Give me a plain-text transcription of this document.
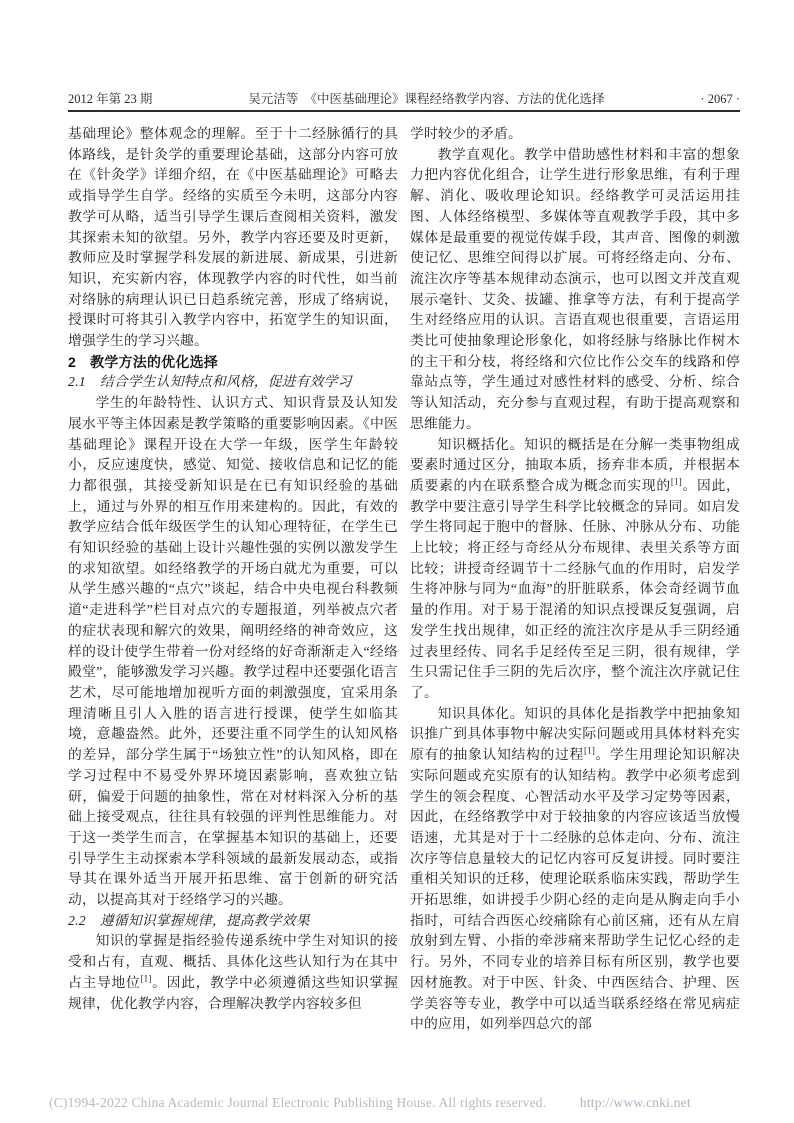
2012 年第 23 期	吴元洁等　《中医基础理论》课程经络教学内容、方法的优化选择	· 2067 ·

基础理论》整体观念的理解。至于十二经脉循行的具体路线，是针灸学的重要理论基础，这部分内容可放在《针灸学》详细介绍，在《中医基础理论》可略去或指导学生自学。经络的实质至今未明，这部分内容教学可从略，适当引导学生课后查阅相关资料，激发其探索未知的欲望。另外，教学内容还要及时更新，教师应及时掌握学科发展的新进展、新成果，引进新知识，充实新内容，体现教学内容的时代性，如当前对络脉的病理认识已日趋系统完善，形成了络病说，授课时可将其引入教学内容中，拓宽学生的知识面，增强学生的学习兴趣。

2　教学方法的优化选择
2.1　结合学生认知特点和风格，促进有效学习

学生的年龄特性、认识方式、知识背景及认知发展水平等主体因素是教学策略的重要影响因素。《中医基础理论》课程开设在大学一年级，医学生年龄较小，反应速度快，感觉、知觉、接收信息和记忆的能力都很强，其接受新知识是在已有知识经验的基础上，通过与外界的相互作用来建构的。因此，有效的教学应结合低年级医学生的认知心理特征，在学生已有知识经验的基础上设计兴趣性强的实例以激发学生的求知欲望。如经络教学的开场白就尤为重要，可以从学生感兴趣的“点穴”谈起，结合中央电视台科教频道“走进科学”栏目对点穴的专题报道，列举被点穴者的症状表现和解穴的效果，阐明经络的神奇效应，这样的设计使学生带着一份对经络的好奇渐渐走入“经络殿堂”，能够激发学习兴趣。教学过程中还要强化语言艺术，尽可能地增加视听方面的刺激强度，宜采用条理清晰且引人入胜的语言进行授课，使学生如临其境，意趣盎然。此外，还要注重不同学生的认知风格的差异，部分学生属于“场独立性”的认知风格，即在学习过程中不易受外界环境因素影响，喜欢独立钻研，偏爱于问题的抽象性，常在对材料深入分析的基础上接受观点，往往具有较强的评判性思维能力。对于这一类学生而言，在掌握基本知识的基础上，还要引导学生主动探索本学科领域的最新发展动态，或指导其在课外适当开展开拓思维、富于创新的研究活动，以提高其对于经络学习的兴趣。

2.2　遵循知识掌握规律，提高教学效果

知识的掌握是指经验传递系统中学生对知识的接受和占有，直观、概括、具体化这些认知行为在其中占主导地位[1]。因此，教学中必须遵循这些知识掌握规律，优化教学内容，合理解决教学内容较多但

学时较少的矛盾。

教学直观化。教学中借助感性材料和丰富的想象力把内容优化组合，让学生进行形象思维，有利于理解、消化、吸收理论知识。经络教学可灵活运用挂图、人体经络模型、多媒体等直观教学手段，其中多媒体是最重要的视觉传媒手段，其声音、图像的刺激使记忆、思维空间得以扩展。可将经络走向、分布、流注次序等基本规律动态演示，也可以图文并茂直观展示毫针、艾灸、拔罐、推拿等方法，有利于提高学生对经络应用的认识。言语直观也很重要，言语运用类比可使抽象理论形象化，如将经脉与络脉比作树木的主干和分枝，将经络和穴位比作公交车的线路和停靠站点等，学生通过对感性材料的感受、分析、综合等认知活动，充分参与直观过程，有助于提高观察和思维能力。

知识概括化。知识的概括是在分解一类事物组成要素时通过区分，抽取本质，扬弃非本质，并根据本质要素的内在联系整合成为概念而实现的[1]。因此，教学中要注意引导学生科学比较概念的异同。如启发学生将同起于胞中的督脉、任脉、冲脉从分布、功能上比较；将正经与奇经从分布规律、表里关系等方面比较；讲授奇经调节十二经脉气血的作用时，启发学生将冲脉与同为“血海”的肝脏联系，体会奇经调节血量的作用。对于易于混淆的知识点授课反复强调，启发学生找出规律，如正经的流注次序是从手三阴经通过表里经传、同名手足经传至足三阴，很有规律，学生只需记住手三阴的先后次序，整个流注次序就记住了。

知识具体化。知识的具体化是指教学中把抽象知识推广到具体事物中解决实际问题或用具体材料充实原有的抽象认知结构的过程[1]。学生用理论知识解决实际问题或充实原有的认知结构。教学中必须考虑到学生的领会程度、心智活动水平及学习定势等因素，因此，在经络教学中对于较抽象的内容应该适当放慢语速，尤其是对于十二经脉的总体走向、分布、流注次序等信息量较大的记忆内容可反复讲授。同时要注重相关知识的迁移，使理论联系临床实践，帮助学生开拓思维，如讲授手少阴心经的走向是从胸走向手小指时，可结合西医心绞痛除有心前区痛，还有从左肩放射到左臂、小指的牵涉痛来帮助学生记忆心经的走行。另外，不同专业的培养目标有所区别，教学也要因材施教。对于中医、针灸、中西医结合、护理、医学美容等专业，教学中可以适当联系经络在常见病症中的应用，如列举四总穴的部

(C)1994-2022 China Academic Journal Electronic Publishing House. All rights reserved. http://www.cnki.net
